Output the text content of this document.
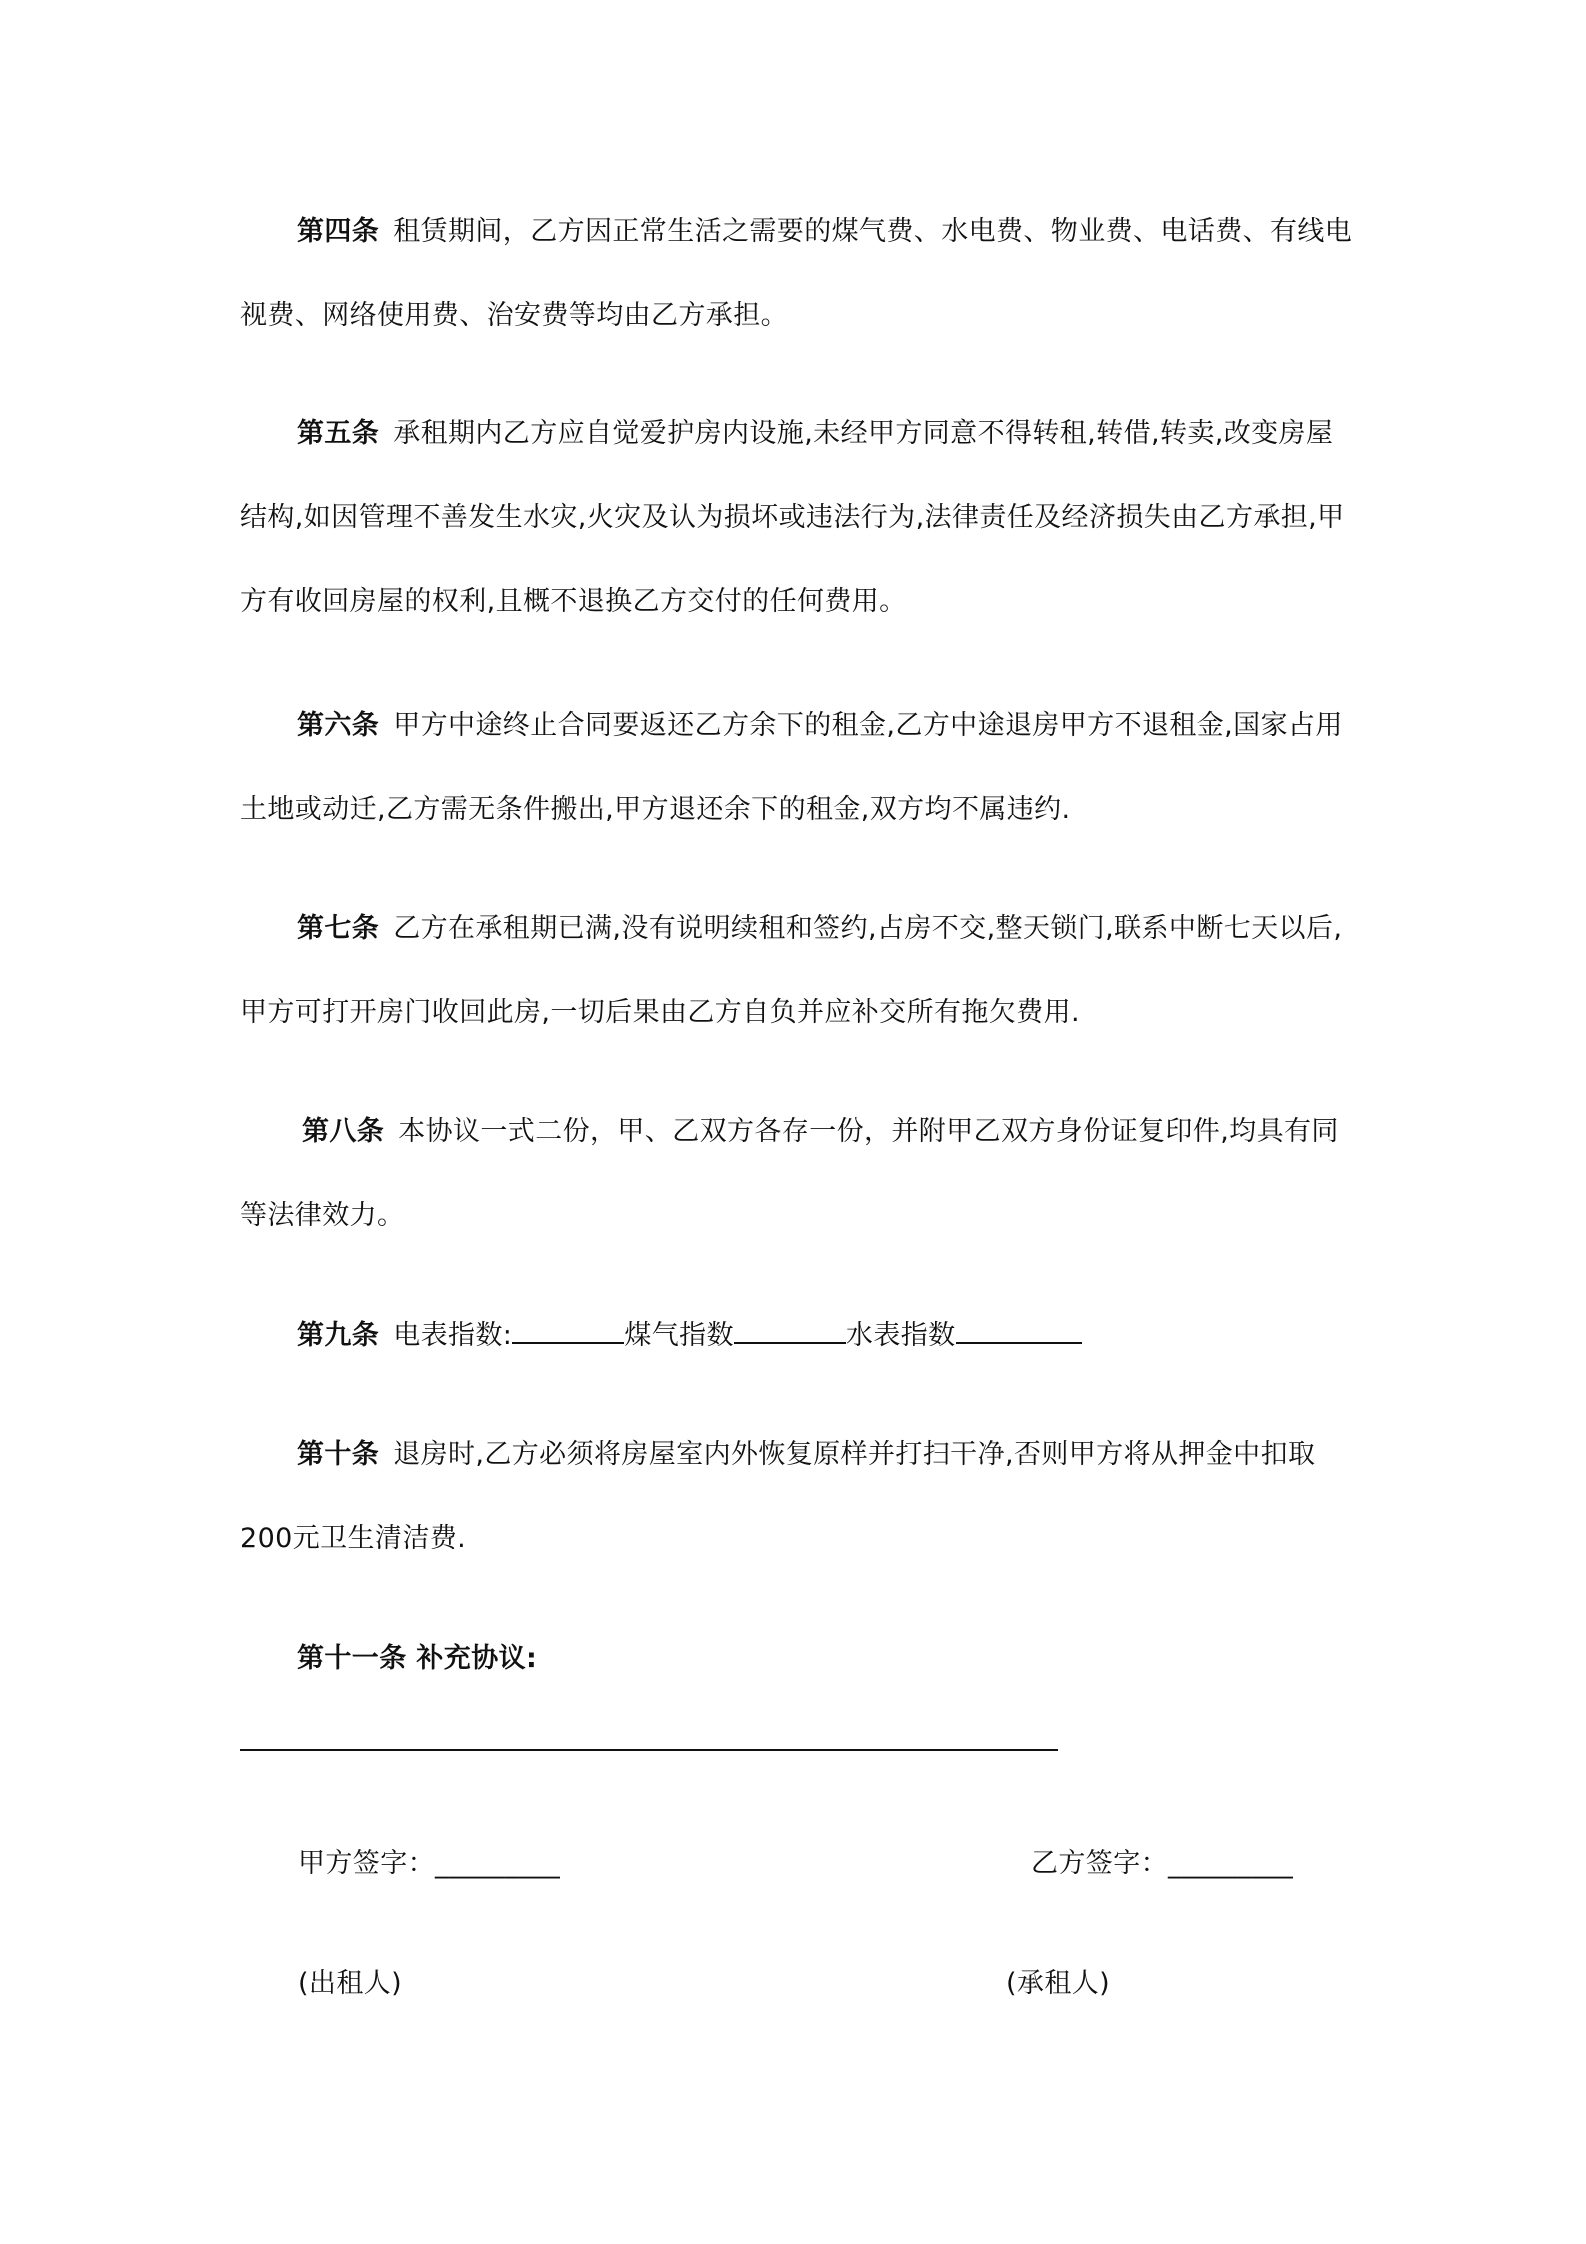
第四条 租赁期间，乙方因正常生活之需要的煤气费、水电费、物业费、电话费、有线电视费、网络使用费、治安费等均由乙方承担。
第五条 承租期内乙方应自觉爱护房内设施,未经甲方同意不得转租,转借,转卖,改变房屋结构,如因管理不善发生水灾,火灾及认为损坏或违法行为,法律责任及经济损失由乙方承担,甲方有收回房屋的权利,且概不退换乙方交付的任何费用。
第六条 甲方中途终止合同要返还乙方余下的租金,乙方中途退房甲方不退租金,国家占用土地或动迁,乙方需无条件搬出,甲方退还余下的租金,双方均不属违约.
第七条 乙方在承租期已满,没有说明续租和签约,占房不交,整天锁门,联系中断七天以后,甲方可打开房门收回此房,一切后果由乙方自负并应补交所有拖欠费用.
第八条 本协议一式二份，甲、乙双方各存一份，并附甲乙双方身份证复印件,均具有同等法律效力。
第九条 电表指数:	煤气指数	水表指数
第十条 退房时,乙方必须将房屋室内外恢复原样并打扫干净,否则甲方将从押金中扣取200元卫生清洁费.
第十一条 补充协议:
甲方签字：_________	乙方签字：_________
(出租人)	(承租人)
